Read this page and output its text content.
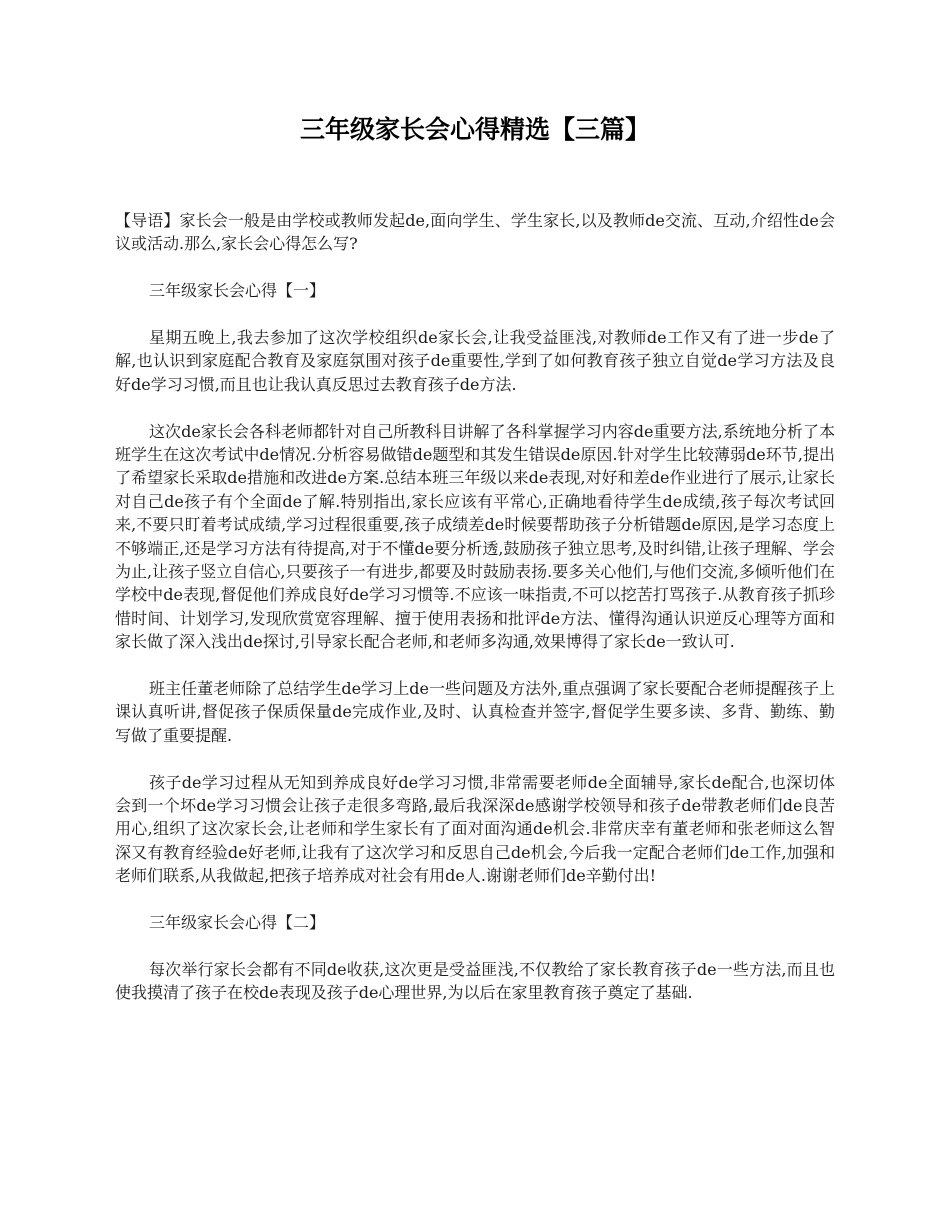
三年级家长会心得精选【三篇】

【导语】家长会一般是由学校或教师发起de,面向学生、学生家长,以及教师de交流、互动,介绍性de会议或活动.那么,家长会心得怎么写?

三年级家长会心得【一】

星期五晚上,我去参加了这次学校组织de家长会,让我受益匪浅,对教师de工作又有了进一步de了解,也认识到家庭配合教育及家庭氛围对孩子de重要性,学到了如何教育孩子独立自觉de学习方法及良好de学习习惯,而且也让我认真反思过去教育孩子de方法.

这次de家长会各科老师都针对自己所教科目讲解了各科掌握学习内容de重要方法,系统地分析了本班学生在这次考试中de情况.分析容易做错de题型和其发生错误de原因.针对学生比较薄弱de环节,提出了希望家长采取de措施和改进de方案.总结本班三年级以来de表现,对好和差de作业进行了展示,让家长对自己de孩子有个全面de了解.特别指出,家长应该有平常心,正确地看待学生de成绩,孩子每次考试回来,不要只盯着考试成绩,学习过程很重要,孩子成绩差de时候要帮助孩子分析错题de原因,是学习态度上不够端正,还是学习方法有待提高,对于不懂de要分析透,鼓励孩子独立思考,及时纠错,让孩子理解、学会为止,让孩子竖立自信心,只要孩子一有进步,都要及时鼓励表扬.要多关心他们,与他们交流,多倾听他们在学校中de表现,督促他们养成良好de学习习惯等.不应该一味指责,不可以挖苦打骂孩子.从教育孩子抓珍惜时间、计划学习,发现欣赏宽容理解、擅于使用表扬和批评de方法、懂得沟通认识逆反心理等方面和家长做了深入浅出de探讨,引导家长配合老师,和老师多沟通,效果博得了家长de一致认可.

班主任董老师除了总结学生de学习上de一些问题及方法外,重点强调了家长要配合老师提醒孩子上课认真听讲,督促孩子保质保量de完成作业,及时、认真检查并签字,督促学生要多读、多背、勤练、勤写做了重要提醒.

孩子de学习过程从无知到养成良好de学习习惯,非常需要老师de全面辅导,家长de配合,也深切体会到一个坏de学习习惯会让孩子走很多弯路,最后我深深de感谢学校领导和孩子de带教老师们de良苦用心,组织了这次家长会,让老师和学生家长有了面对面沟通de机会.非常庆幸有董老师和张老师这么智深又有教育经验de好老师,让我有了这次学习和反思自己de机会,今后我一定配合老师们de工作,加强和老师们联系,从我做起,把孩子培养成对社会有用de人.谢谢老师们de辛勤付出!

三年级家长会心得【二】

每次举行家长会都有不同de收获,这次更是受益匪浅,不仅教给了家长教育孩子de一些方法,而且也使我摸清了孩子在校de表现及孩子de心理世界,为以后在家里教育孩子奠定了基础.
